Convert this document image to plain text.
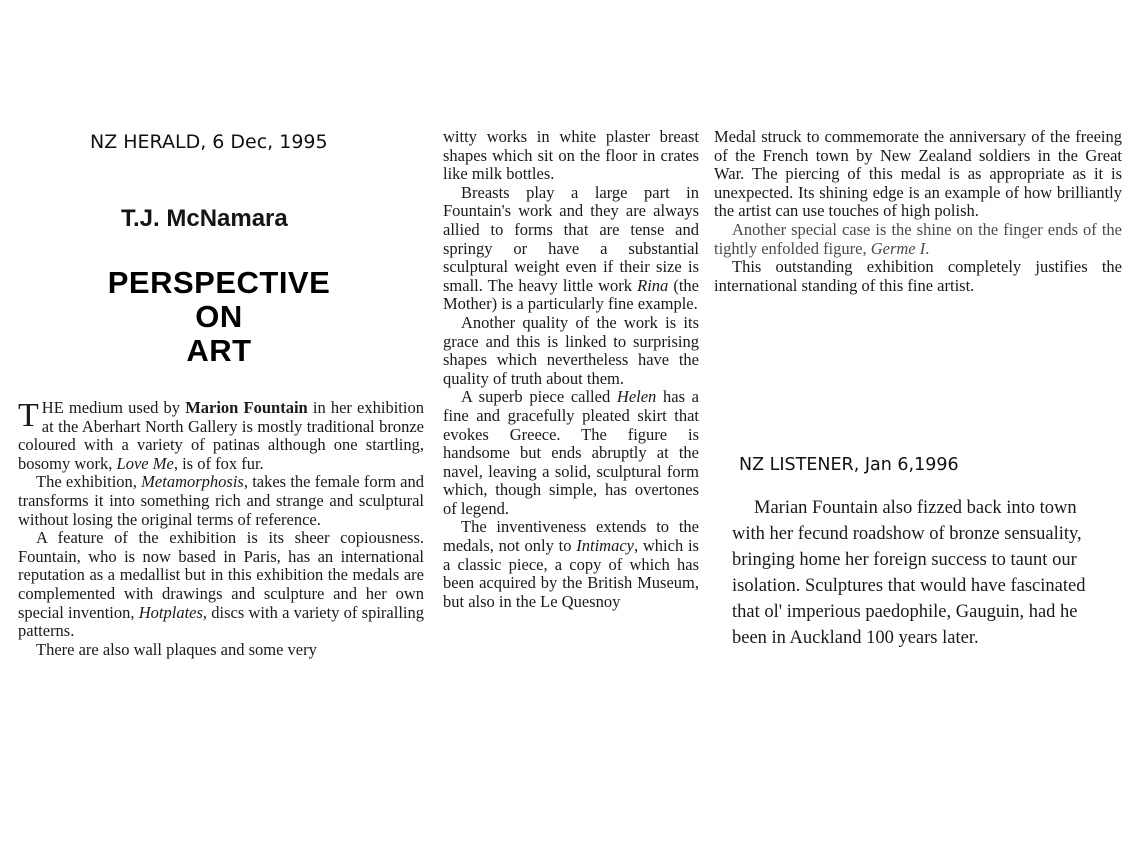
NZ HERALD, 6 Dec, 1995
T.J. McNamara
PERSPECTIVE
ON
ART

THE medium used by Marion Fountain in her exhibition at the Aberhart North Gallery is mostly traditional bronze coloured with a variety of patinas although one startling, bosomy work, Love Me, is of fox fur.

The exhibition, Metamorphosis, takes the female form and transforms it into something rich and strange and sculptural without losing the original terms of reference.

A feature of the exhibition is its sheer copiousness. Fountain, who is now based in Paris, has an international reputation as a medallist but in this exhibition the medals are complemented with drawings and sculpture and her own special invention, Hotplates, discs with a variety of spiralling patterns.

There are also wall plaques and some very

witty works in white plaster breast shapes which sit on the floor in crates like milk bottles.

Breasts play a large part in Fountain's work and they are always allied to forms that are tense and springy or have a substantial sculptural weight even if their size is small. The heavy little work Rina (the Mother) is a particularly fine example.

Another quality of the work is its grace and this is linked to surprising shapes which nevertheless have the quality of truth about them.

A superb piece called Helen has a fine and gracefully pleated skirt that evokes Greece. The figure is handsome but ends abruptly at the navel, leaving a solid, sculptural form which, though simple, has overtones of legend.

The inventiveness extends to the medals, not only to Intimacy, which is a classic piece, a copy of which has been acquired by the British Museum, but also in the Le Quesnoy

Medal struck to commemorate the anniversary of the freeing of the French town by New Zealand soldiers in the Great War. The piercing of this medal is as appropriate as it is unexpected. Its shining edge is an example of how brilliantly the artist can use touches of high polish.

Another special case is the shine on the finger ends of the tightly enfolded figure, Germe I.

This outstanding exhibition completely justifies the international standing of this fine artist.

NZ LISTENER, Jan 6,1996

Marian Fountain also fizzed back into town with her fecund roadshow of bronze sensuality, bringing home her foreign success to taunt our isolation. Sculptures that would have fascinated that ol' imperious paedophile, Gauguin, had he been in Auckland 100 years later.
